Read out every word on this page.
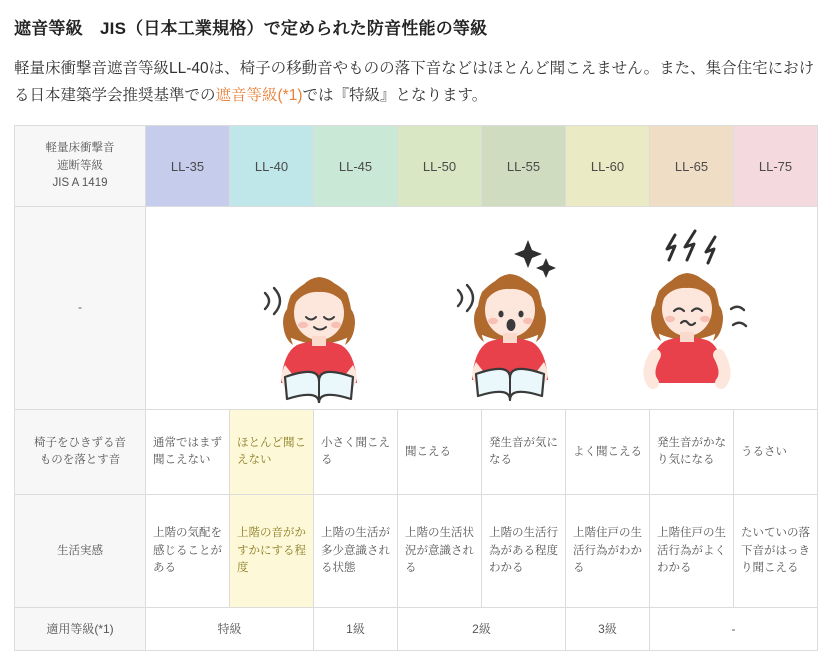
遮音等級　JIS（日本工業規格）で定められた防音性能の等級

軽量床衝撃音遮音等級LL-40は、椅子の移動音やものの落下音などはほとんど聞こえません。また、集合住宅における日本建築学会推奨基準での遮音等級(*1)では『特級』となります。

軽量床衝撃音
遮断等級
JIS A 1419	LL-35	LL-40	LL-45	LL-50	LL-55	LL-60	LL-65	LL-75
-	

椅子をひきずる音
ものを落とす音	通常ではまず聞こえない	ほとんど聞こえない	小さく聞こえる	聞こえる	発生音が気になる	よく聞こえる	発生音がかなり気になる	うるさい
生活実感	上階の気配を感じることがある	上階の音がかすかにする程度	上階の生活が多少意識される状態	上階の生活状況が意識される	上階の生活行為がある程度わかる	上階住戸の生活行為がわかる	上階住戸の生活行為がよくわかる	たいていの落下音がはっきり聞こえる
適用等級(*1)	特級		1級	2級		3級	-	
